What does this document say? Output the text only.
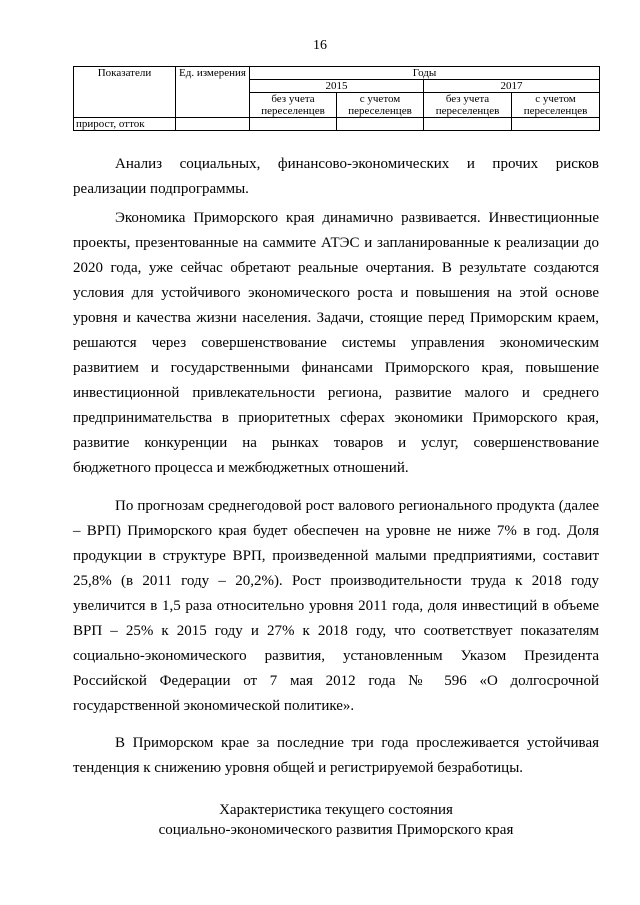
16
Показатели	Ед. измерения	Годы			
		2015		2017	
		без учета переселенцев	с учетом переселенцев	без учета переселенцев	с учетом переселенцев
прирост, отток					

Анализ социальных, финансово-экономических и прочих рисков реализации подпрограммы.

Экономика Приморского края динамично развивается. Инвестиционные проекты, презентованные на саммите АТЭС и запланированные к реализации до 2020 года, уже сейчас обретают реальные очертания. В результате создаются условия для устойчивого экономического роста и повышения на этой основе уровня и качества жизни населения. Задачи, стоящие перед Приморским краем, решаются через совершенствование системы управления экономическим развитием и государственными финансами Приморского края, повышение инвестиционной привлекательности региона, развитие малого и среднего предпринимательства в приоритетных сферах экономики Приморского края, развитие конкуренции на рынках товаров и услуг, совершенствование бюджетного процесса и межбюджетных отношений.

По прогнозам среднегодовой рост валового регионального продукта (далее – ВРП) Приморского края будет обеспечен на уровне не ниже 7% в год. Доля продукции в структуре ВРП, произведенной малыми предприятиями, составит 25,8% (в 2011 году – 20,2%). Рост производительности труда к 2018 году увеличится в 1,5 раза относительно уровня 2011 года, доля инвестиций в объеме ВРП – 25% к 2015 году и 27% к 2018 году, что соответствует показателям социально-экономического развития, установленным Указом Президента Российской Федерации от 7 мая 2012 года № 596 «О долгосрочной государственной экономической политике».

В Приморском крае за последние три года прослеживается устойчивая тенденция к снижению уровня общей и регистрируемой безработицы.

Характеристика текущего состояния
социально-экономического развития Приморского края
